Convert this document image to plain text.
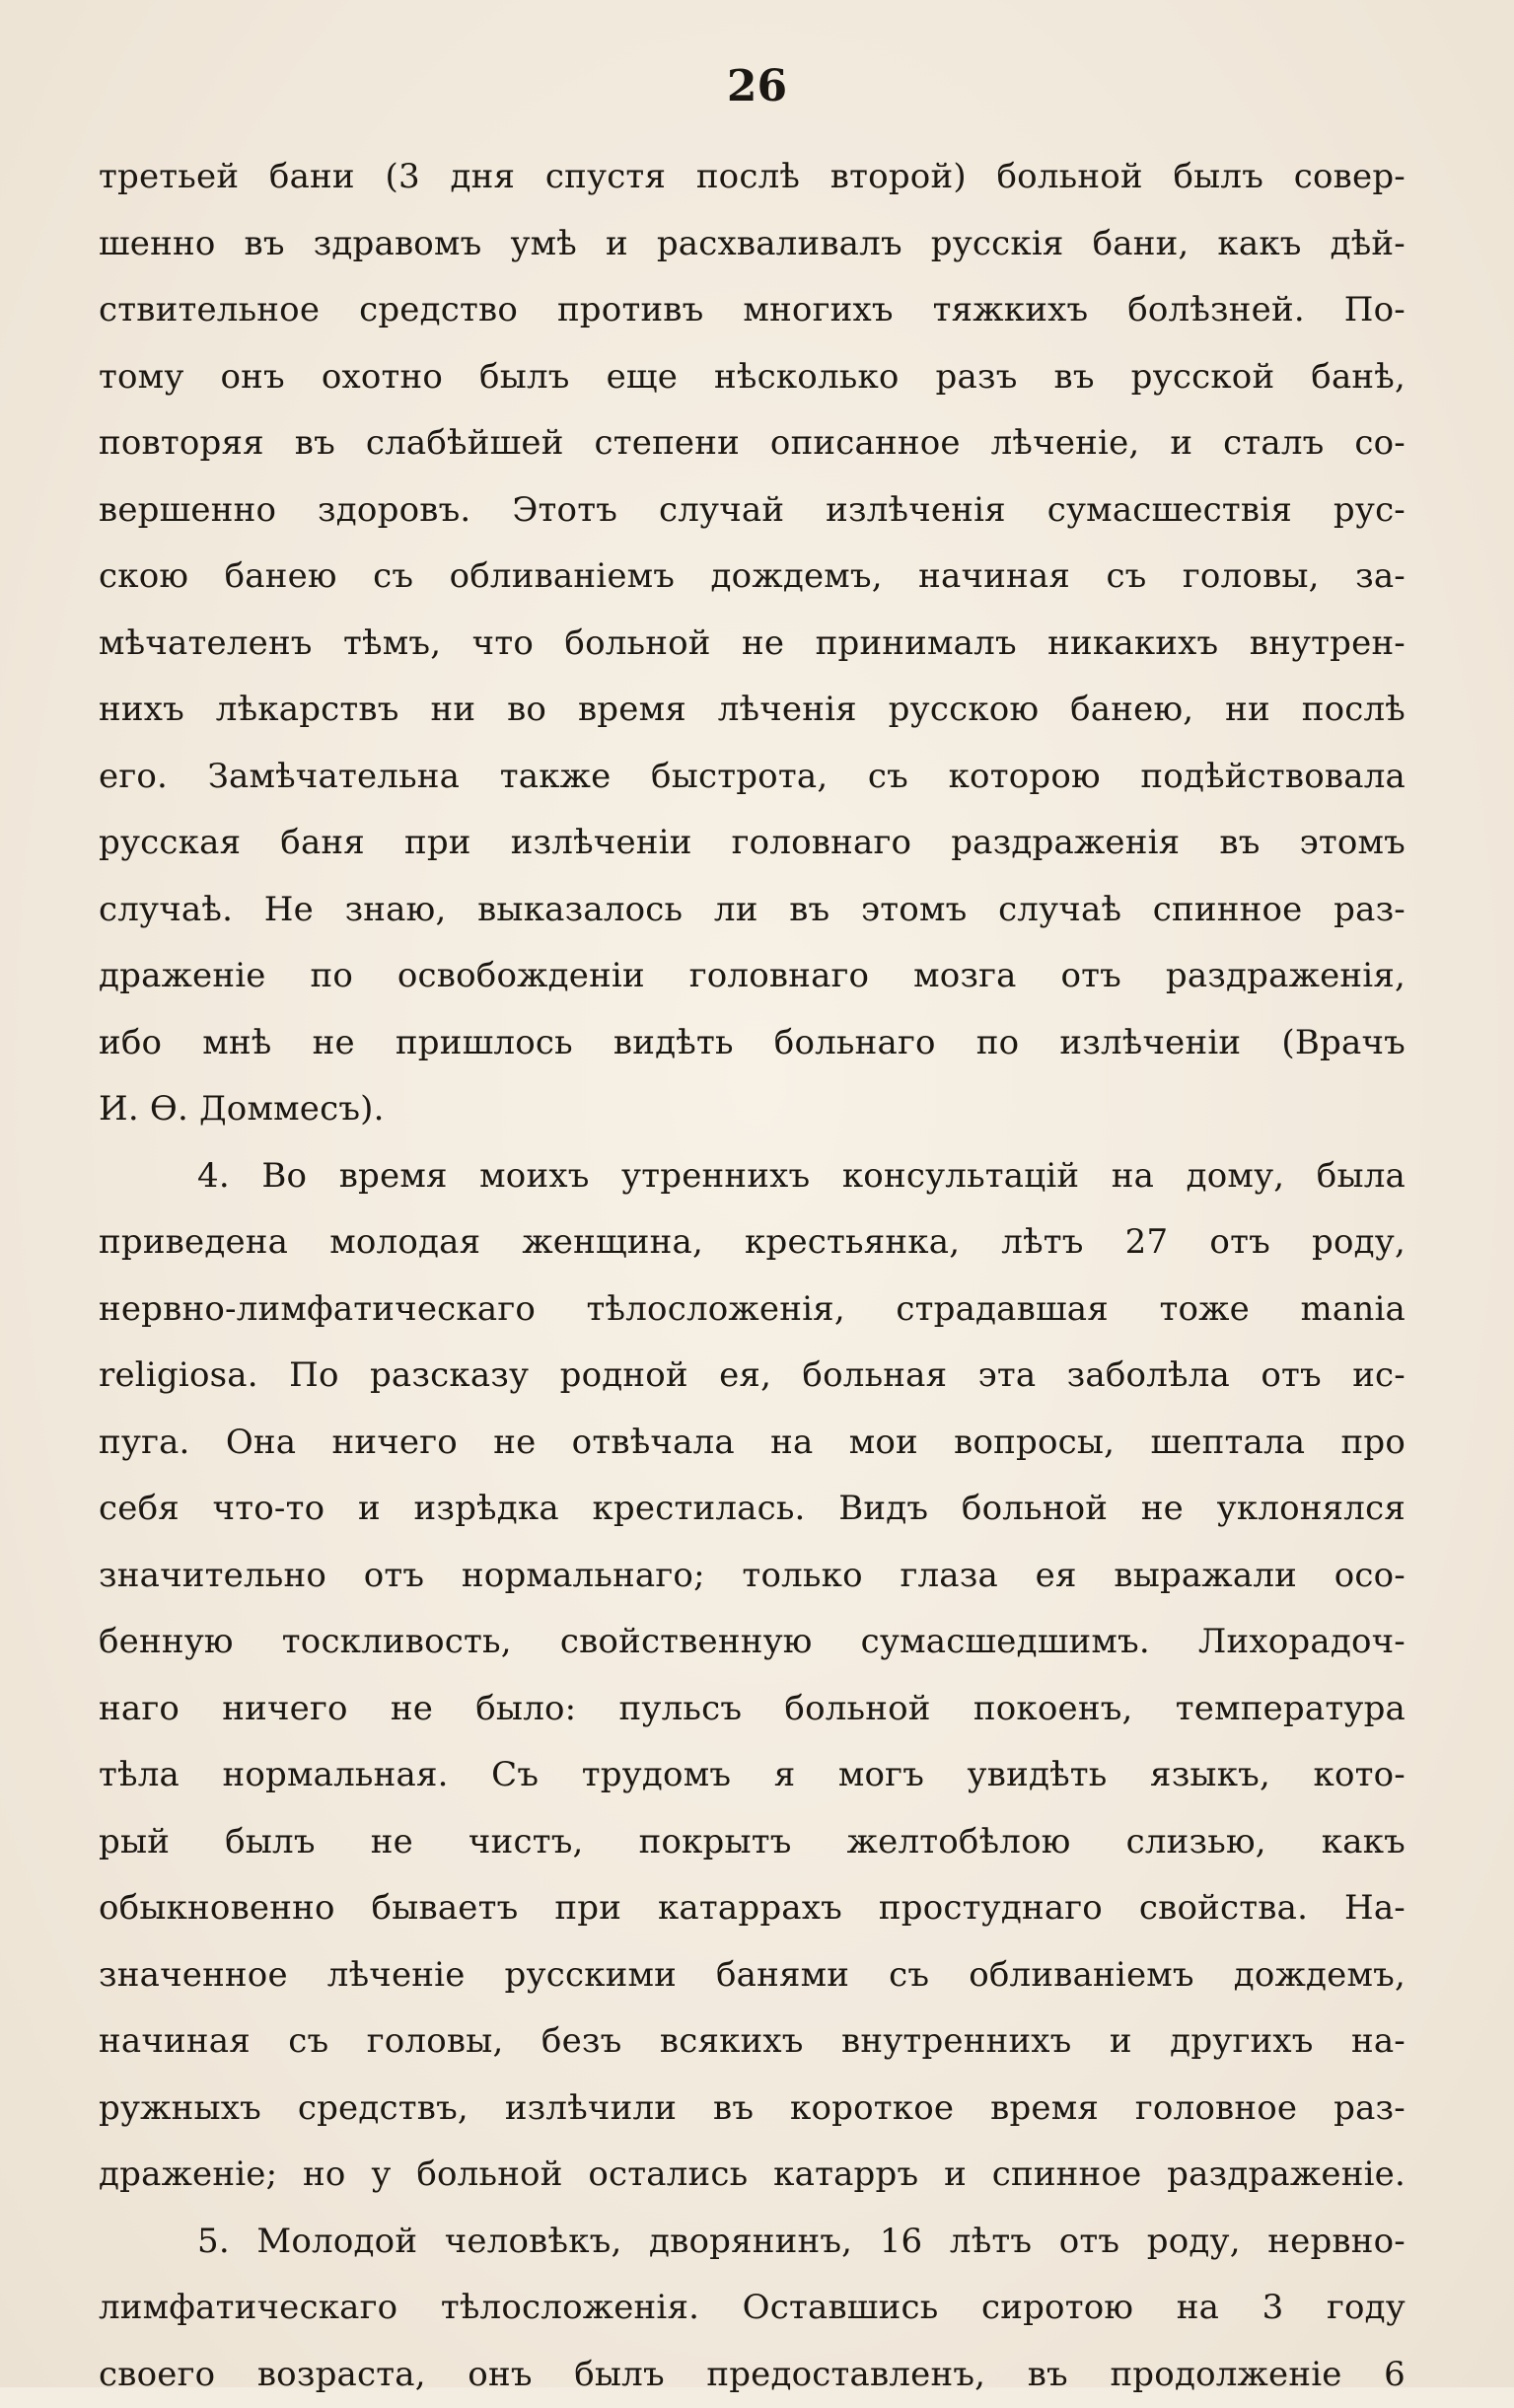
26
третьей бани (3 дня спустя послѣ второй) больной былъ совер-
шенно въ здравомъ умѣ и расхваливалъ русскія бани, какъ дѣй-
ствительное средство противъ многихъ тяжкихъ болѣзней. По-
тому онъ охотно былъ еще нѣсколько разъ въ русской банѣ,
повторяя въ слабѣйшей степени описанное лѣченіе, и сталъ со-
вершенно здоровъ. Этотъ случай излѣченія сумасшествія рус-
скою банею съ обливаніемъ дождемъ, начиная съ головы, за-
мѣчателенъ тѣмъ, что больной не принималъ никакихъ внутрен-
нихъ лѣкарствъ ни во время лѣченія русскою банею, ни послѣ
его. Замѣчательна также быстрота, съ которою подѣйствовала
русская баня при излѣченіи головнаго раздраженія въ этомъ
случаѣ. Не знаю, выказалось ли въ этомъ случаѣ спинное раз-
драженіе по освобожденіи головнаго мозга отъ раздраженія,
ибо мнѣ не пришлось видѣть больнаго по излѣченіи (Врачъ
И. Ѳ. Доммесъ).
4. Во время моихъ утреннихъ консультацій на дому, была
приведена молодая женщина, крестьянка, лѣтъ 27 отъ роду,
нервно-лимфатическаго тѣлосложенія, страдавшая тоже mania
religiosa. По разсказу родной ея, больная эта заболѣла отъ ис-
пуга. Она ничего не отвѣчала на мои вопросы, шептала про
себя что-то и изрѣдка крестилась. Видъ больной не уклонялся
значительно отъ нормальнаго; только глаза ея выражали осо-
бенную тоскливость, свойственную сумасшедшимъ. Лихорадоч-
наго ничего не было: пульсъ больной покоенъ, температура
тѣла нормальная. Съ трудомъ я могъ увидѣть языкъ, кото-
рый былъ не чистъ, покрытъ желтобѣлою слизью, какъ
обыкновенно бываетъ при катаррахъ простуднаго свойства. На-
значенное лѣченіе русскими банями съ обливаніемъ дождемъ,
начиная съ головы, безъ всякихъ внутреннихъ и другихъ на-
ружныхъ средствъ, излѣчили въ короткое время головное раз-
драженіе; но у больной остались катарръ и спинное раздраженіе.
5. Молодой человѣкъ, дворянинъ, 16 лѣтъ отъ роду, нервно-
лимфатическаго тѣлосложенія. Оставшись сиротою на 3 году
своего возраста, онъ былъ предоставленъ, въ продолженіе 6
